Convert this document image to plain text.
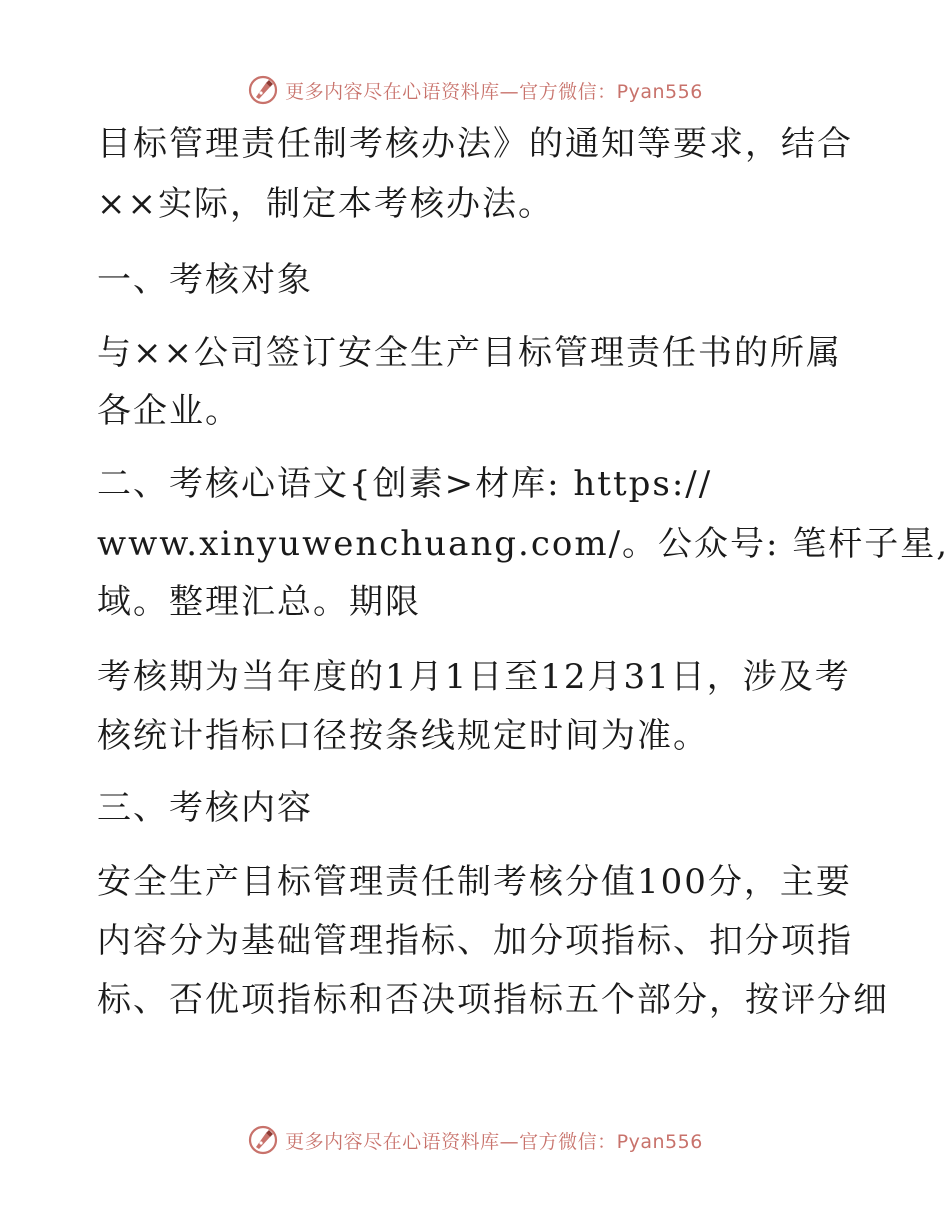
更多内容尽在心语资料库—官方微信：Pyan556
目标管理责任制考核办法》的通知等要求，结合
××实际，制定本考核办法。
一、考核对象
与××公司签订安全生产目标管理责任书的所属
各企业。
二、考核心语文{创素>材库: https://
www.xinyuwenchuang.com/。公众号: 笔杆子星,
域。整理汇总。期限
考核期为当年度的1月1日至12月31日，涉及考
核统计指标口径按条线规定时间为准。
三、考核内容
安全生产目标管理责任制考核分值100分，主要
内容分为基础管理指标、加分项指标、扣分项指
标、否优项指标和否决项指标五个部分，按评分细
更多内容尽在心语资料库—官方微信：Pyan556
